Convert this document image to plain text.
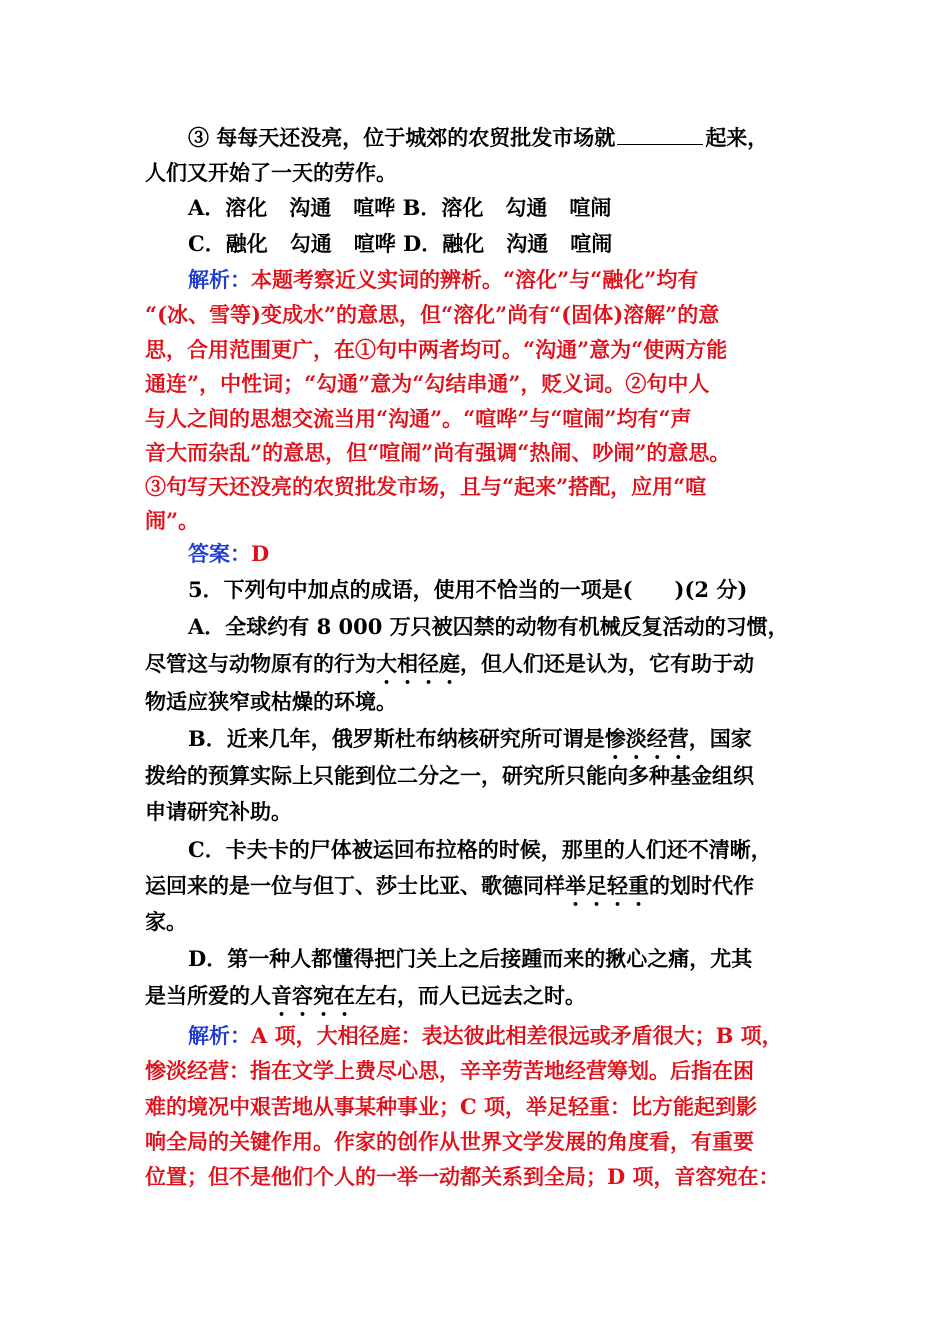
③ 每每天还没亮，位于城郊的农贸批发市场就	起来，
人们又开始了一天的劳作。
A．溶化 沟通 喧哗 B．溶化 勾通 喧闹
C．融化 勾通 喧哗 D．融化 沟通 喧闹
解析：本题考察近义实词的辨析。“溶化”与“融化”均有
“(冰、雪等)变成水”的意思，但“溶化”尚有“(固体)溶解”的意
思，合用范围更广，在①句中两者均可。“沟通”意为“使两方能
通连”，中性词；“勾通”意为“勾结串通”，贬义词。②句中人
与人之间的思想交流当用“沟通”。“喧哗”与“喧闹”均有“声
音大而杂乱”的意思，但“喧闹”尚有强调“热闹、吵闹”的意思。
③句写天还没亮的农贸批发市场，且与“起来”搭配，应用“喧
闹”。
答案：D
5．下列句中加点的成语，使用不恰当的一项是(　　)(2 分)
A．全球约有 8 000 万只被囚禁的动物有机械反复活动的习惯，
尽管这与动物原有的行为大相径庭，但人们还是认为，它有助于动
物适应狭窄或枯燥的环境。
B．近来几年，俄罗斯杜布纳核研究所可谓是惨淡经营，国家
拨给的预算实际上只能到位二分之一，研究所只能向多种基金组织
申请研究补助。
C．卡夫卡的尸体被运回布拉格的时候，那里的人们还不清晰，
运回来的是一位与但丁、莎士比亚、歌德同样举足轻重的划时代作
家。
D．第一种人都懂得把门关上之后接踵而来的揪心之痛，尤其
是当所爱的人音容宛在左右，而人已远去之时。
解析：A 项，大相径庭：表达彼此相差很远或矛盾很大；B 项，
惨淡经营：指在文学上费尽心思，辛辛劳苦地经营筹划。后指在困
难的境况中艰苦地从事某种事业；C 项，举足轻重：比方能起到影
响全局的关键作用。作家的创作从世界文学发展的角度看，有重要
位置；但不是他们个人的一举一动都关系到全局；D 项，音容宛在：
